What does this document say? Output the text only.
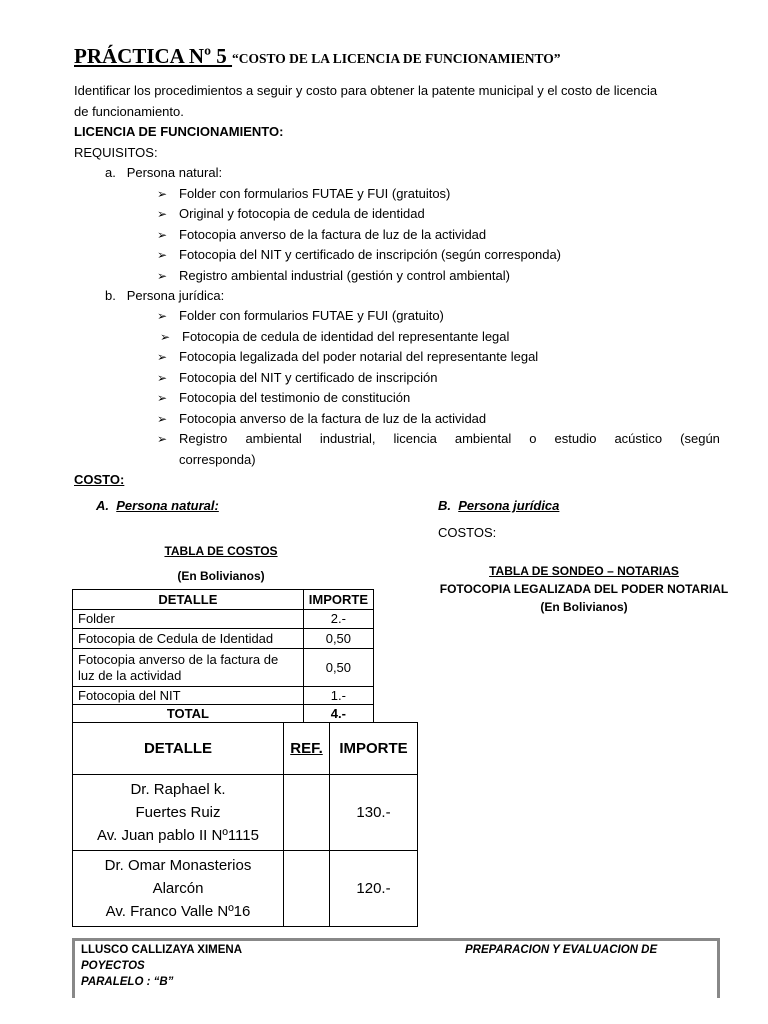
PRÁCTICA Nº 5 “COSTO DE LA LICENCIA DE FUNCIONAMIENTO”
Identificar los procedimientos a seguir y costo para obtener la patente municipal y el costo de licencia
de funcionamiento.
LICENCIA DE FUNCIONAMIENTO:
REQUISITOS:
a. Persona natural:
➢ Folder con formularios FUTAE y FUI (gratuitos)
➢ Original y fotocopia de cedula de identidad
➢ Fotocopia anverso de la factura de luz de la actividad
➢ Fotocopia del NIT y certificado de inscripción (según corresponda)
➢ Registro ambiental industrial (gestión y control ambiental)
b. Persona jurídica:
➢ Folder con formularios FUTAE y FUI (gratuito)
➢ Fotocopia de cedula de identidad del representante legal
➢ Fotocopia legalizada del poder notarial del representante legal
➢ Fotocopia del NIT y certificado de inscripción
➢ Fotocopia del testimonio de constitución
➢ Fotocopia anverso de la factura de luz de la actividad
➢ Registro ambiental industrial, licencia ambiental o estudio acústico (según
corresponda)
COSTO:
A. Persona natural:	B. Persona jurídica
COSTOS:
TABLA DE COSTOS
(En Bolivianos)	TABLA DE SONDEO – NOTARIAS
FOTOCOPIA LEGALIZADA DEL PODER NOTARIAL
(En Bolivianos)
DETALLE	IMPORTE
Folder	2.-
Fotocopia de Cedula de Identidad	0,50
Fotocopia anverso de la factura de luz de la actividad	0,50
Fotocopia del NIT	1.-
TOTAL	4.-
DETALLE	REF.	IMPORTE

Dr. Raphael k.
Fuertes Ruiz
Av. Juan pablo II Nº1115		130.-

Dr. Omar Monasterios
Alarcón
Av. Franco Valle Nº16		120.-
LLUSCO CALLIZAYA XIMENA	PREPARACION Y EVALUACION DE
POYECTOS
PARALELO : “B”
